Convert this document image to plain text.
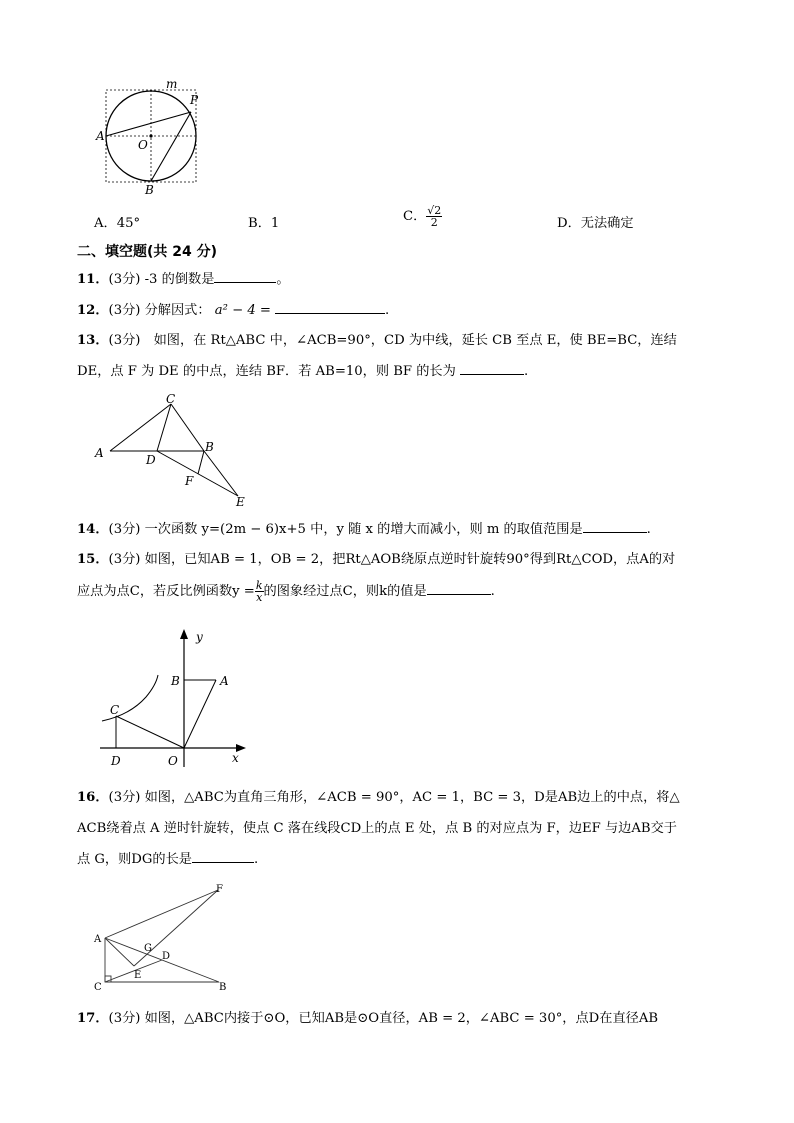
m
P
A
O
B
A．45°	B．1	C． $\frac{√2}{2}$	D．无法确定
二、填空题(共 24 分)
11．(3分) -3 的倒数是	。
12．(3分) 分解因式： a² − 4 =	.
13．(3分)　如图，在 Rt△ABC 中，∠ACB=90°，CD 为中线，延长 CB 至点 E，使 BE=BC，连结
DE，点 F 为 DE 的中点，连结 BF．若 AB=10，则 BF 的长为	.
C
A	D
B
F
E
14．(3分) 一次函数 y=(2m − 6)x+5 中，y 随 x 的增大而减小，则 m 的取值范围是	.
15．(3分) 如图，已知AB = 1，OB = 2，把Rt△AOB绕原点逆时针旋转90°得到Rt△COD，点A的对
应点为点C，若反比例函数$y = \frac{k}{x}$ 的图象经过点C，则k的值是	.
y
x
B	A
C
D	O
16．(3分) 如图，△ABC为直角三角形，∠ACB = 90°，AC = 1，BC = 3，D是AB边上的中点，将△
ACB绕着点 A 逆时针旋转，使点 C 落在线段CD上的点 E 处，点 B 的对应点为 F，边EF 与边AB交于
点 G，则DG的长是	.
F
A
G
D
E
C	B
17．(3分) 如图，△ABC内接于⊙O，已知AB是⊙O直径，AB = 2，∠ABC = 30°，点D在直径AB
